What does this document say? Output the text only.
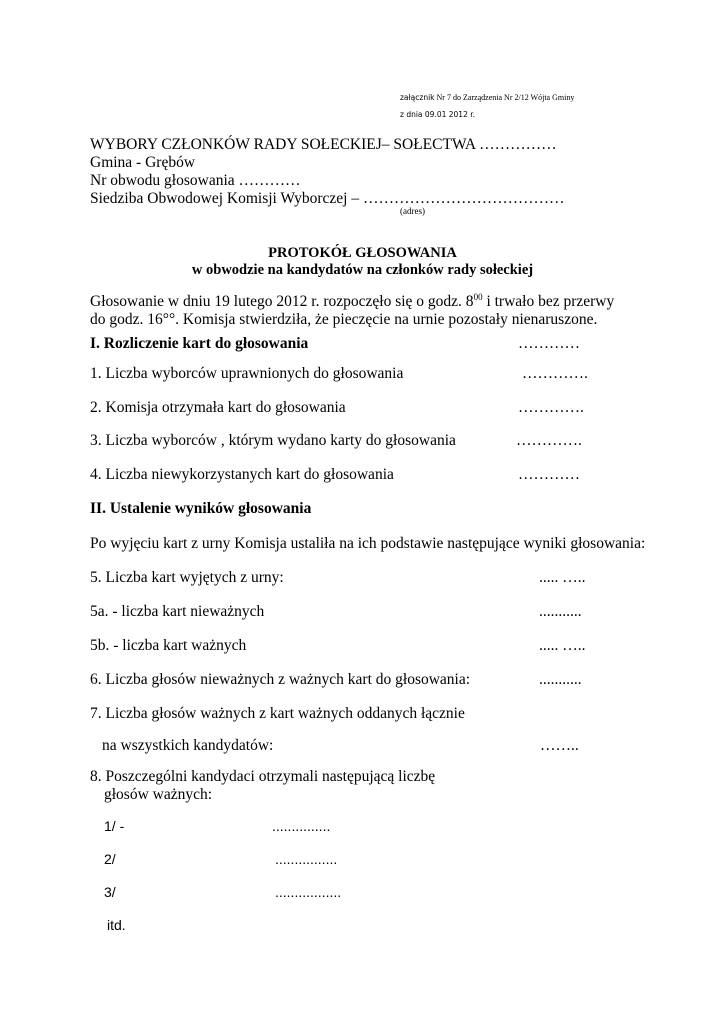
załącznik Nr 7 do Zarządzenia Nr 2/12 Wójta Gminy
z dnia 09.01 2012 r.
WYBORY CZŁONKÓW RADY SOŁECKIEJ– SOŁECTWA ……………
Gmina - Grębów
Nr obwodu głosowania …………
Siedziba Obwodowej Komisji Wyborczej – …………………………………
(adres)
PROTOKÓŁ GŁOSOWANIA
w obwodzie na kandydatów na członków rady sołeckiej
Głosowanie w dniu 19 lutego 2012 r. rozpoczęło się o godz. $8^{00}$ i trwało bez przerwy
do godz. 16°°. Komisja stwierdziła, że pieczęcie na urnie pozostały nienaruszone.
I. Rozliczenie kart do głosowania	…………
1. Liczba wyborców uprawnionych do głosowania	………….
2. Komisja otrzymała kart do głosowania	………….
3. Liczba wyborców , którym wydano karty do głosowania	………….
4. Liczba niewykorzystanych kart do głosowania	…………
II. Ustalenie wyników głosowania
Po wyjęciu kart z urny Komisja ustaliła na ich podstawie następujące wyniki głosowania:
5. Liczba kart wyjętych z urny:	..... …..
5a. - liczba kart nieważnych	...........
5b. - liczba kart ważnych	..... …..
6. Liczba głosów nieważnych z ważnych kart do głosowania:	...........
7. Liczba głosów ważnych z kart ważnych oddanych łącznie
na wszystkich kandydatów:	……..
8. Poszczególni kandydaci otrzymali następującą liczbę
głosów ważnych:
1/ -	...............
2/	................
3/	.................
itd.
